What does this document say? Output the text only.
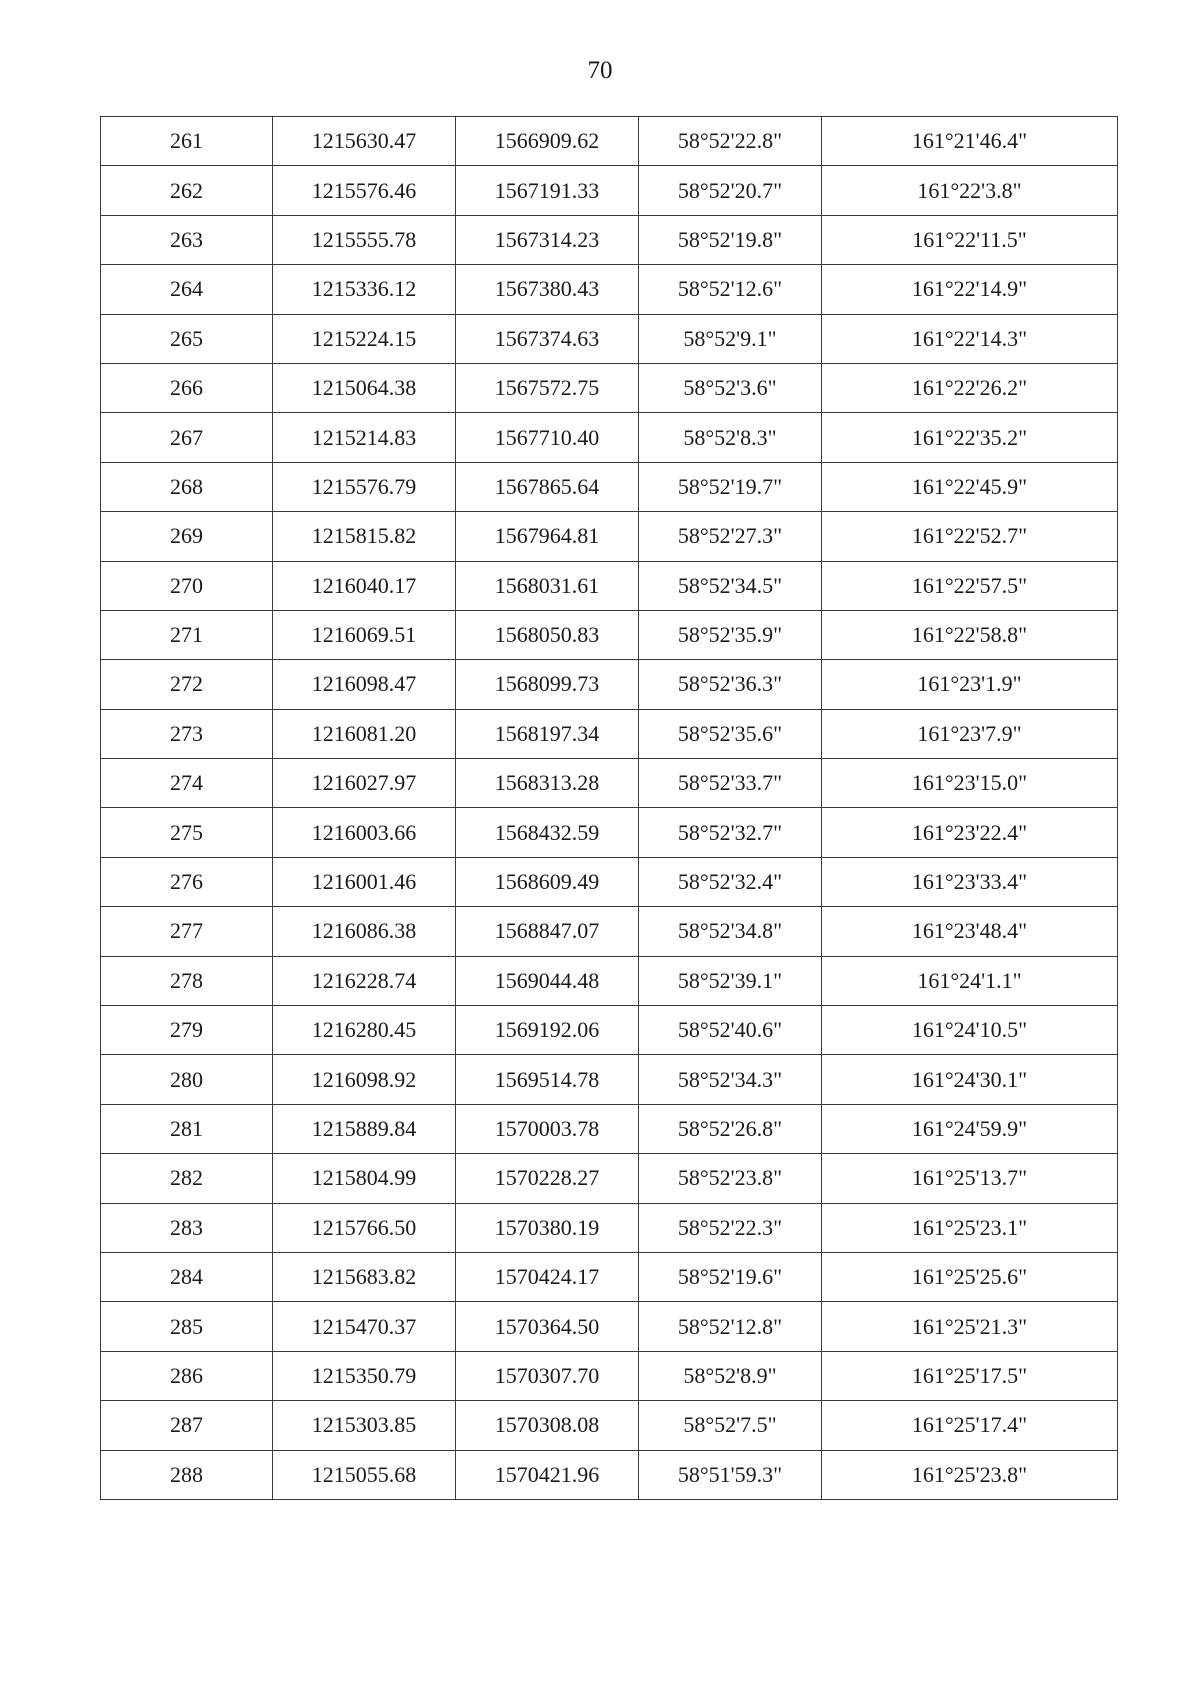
70
261	1215630.47	1566909.62	58°52'22.8"	161°21'46.4"
262	1215576.46	1567191.33	58°52'20.7"	161°22'3.8"
263	1215555.78	1567314.23	58°52'19.8"	161°22'11.5"
264	1215336.12	1567380.43	58°52'12.6"	161°22'14.9"
265	1215224.15	1567374.63	58°52'9.1"	161°22'14.3"
266	1215064.38	1567572.75	58°52'3.6"	161°22'26.2"
267	1215214.83	1567710.40	58°52'8.3"	161°22'35.2"
268	1215576.79	1567865.64	58°52'19.7"	161°22'45.9"
269	1215815.82	1567964.81	58°52'27.3"	161°22'52.7"
270	1216040.17	1568031.61	58°52'34.5"	161°22'57.5"
271	1216069.51	1568050.83	58°52'35.9"	161°22'58.8"
272	1216098.47	1568099.73	58°52'36.3"	161°23'1.9"
273	1216081.20	1568197.34	58°52'35.6"	161°23'7.9"
274	1216027.97	1568313.28	58°52'33.7"	161°23'15.0"
275	1216003.66	1568432.59	58°52'32.7"	161°23'22.4"
276	1216001.46	1568609.49	58°52'32.4"	161°23'33.4"
277	1216086.38	1568847.07	58°52'34.8"	161°23'48.4"
278	1216228.74	1569044.48	58°52'39.1"	161°24'1.1"
279	1216280.45	1569192.06	58°52'40.6"	161°24'10.5"
280	1216098.92	1569514.78	58°52'34.3"	161°24'30.1"
281	1215889.84	1570003.78	58°52'26.8"	161°24'59.9"
282	1215804.99	1570228.27	58°52'23.8"	161°25'13.7"
283	1215766.50	1570380.19	58°52'22.3"	161°25'23.1"
284	1215683.82	1570424.17	58°52'19.6"	161°25'25.6"
285	1215470.37	1570364.50	58°52'12.8"	161°25'21.3"
286	1215350.79	1570307.70	58°52'8.9"	161°25'17.5"
287	1215303.85	1570308.08	58°52'7.5"	161°25'17.4"
288	1215055.68	1570421.96	58°51'59.3"	161°25'23.8"
